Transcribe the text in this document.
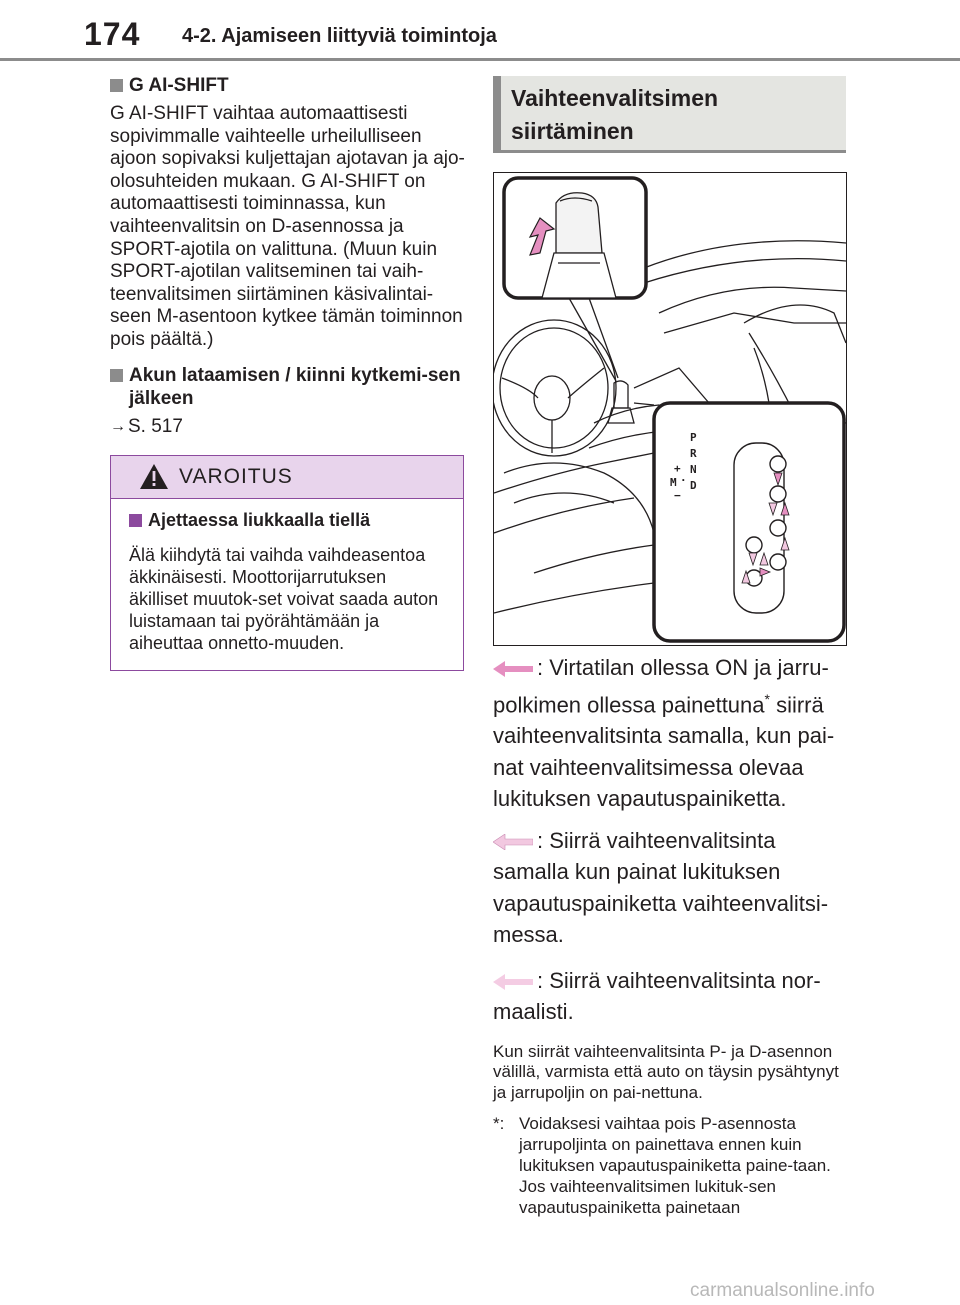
174 4-2. Ajamiseen liittyviä toimintoja
G AI-SHIFT

G AI-SHIFT vaihtaa automaattisesti sopivimmalle vaihteelle urheilulliseen ajoon sopivaksi kuljettajan ajotavan ja ajo-olosuhteiden mukaan. G AI-SHIFT on automaattisesti toiminnassa, kun vaihteenvalitsin on D-asennossa ja SPORT-ajotila on valittuna. (Muun kuin SPORT-ajotilan valitseminen tai vaih-teenvalitsimen siirtäminen käsivalintai-seen M-asentoon kytkee tämän toiminnon pois päältä.)

Akun lataamisen / kiinni kytkemi-sen jälkeen
→ S. 517
VAROITUS
Ajettaessa liukkaalla tiellä

Älä kiihdytä tai vaihda vaihdeasentoa äkkinäisesti. Moottorijarrutuksen äkilliset muutok-set voivat saada auton luistamaan tai pyörähtämään ja aiheuttaa onnetto-muuden.

Vaihteenvalitsimen
siirtäminen
P
R
N
D
+
M ·
−

: Virtatilan ollessa ON ja jarru-polkimen ollessa painettuna* siirrä vaihteenvalitsinta samalla, kun pai-nat vaihteenvalitsimessa olevaa lukituksen vapautuspainiketta.

: Siirrä vaihteenvalitsinta samalla kun painat lukituksen vapautuspainiketta vaihteenvalitsi-messa.

: Siirrä vaihteenvalitsinta nor-maalisti.

Kun siirrät vaihteenvalitsinta P- ja D-asennon välillä, varmista että auto on täysin pysähtynyt ja jarrupoljin on pai-nettuna.

*: Voidaksesi vaihtaa pois P-asennosta jarrupoljinta on painettava ennen kuin lukituksen vapautuspainiketta paine-taan. Jos vaihteenvalitsimen lukituk-sen vapautuspainiketta painetaan
carmanualsonline.info
